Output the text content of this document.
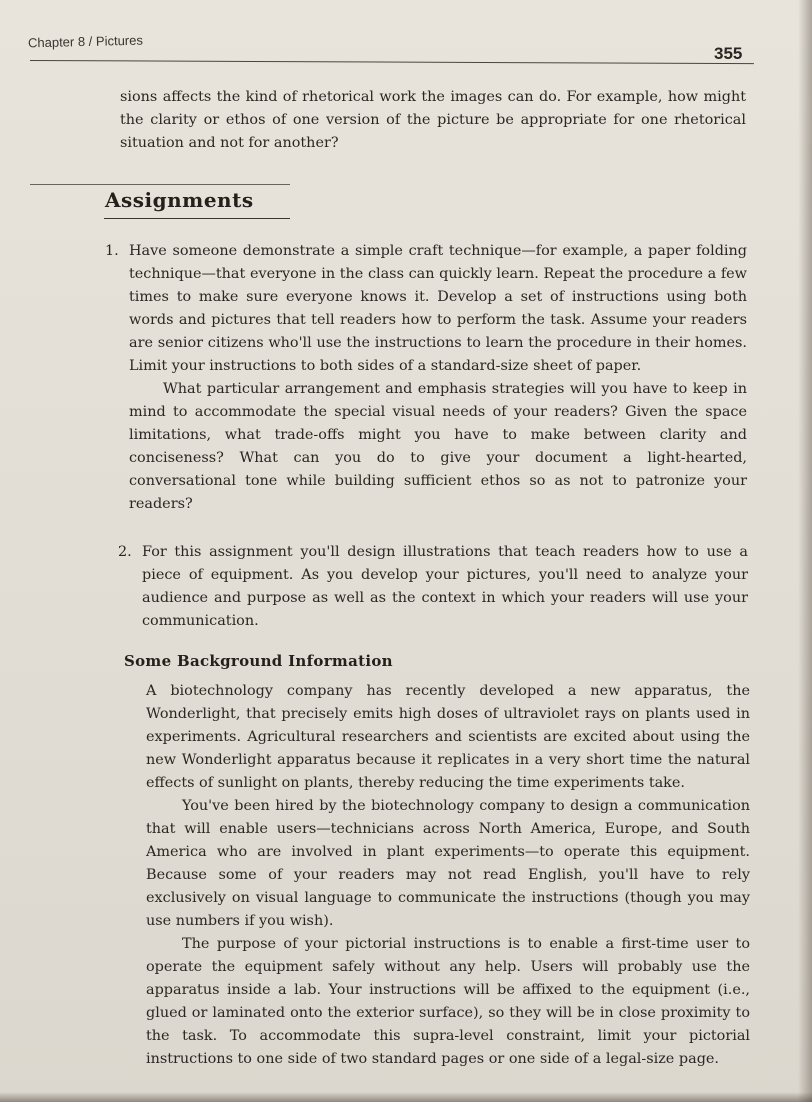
Chapter 8 / Pictures
355
sions affects the kind of rhetorical work the images can do. For example, how might the clarity or ethos of one version of the picture be appropriate for one rhetorical situation and not for another?
Assignments
1. Have someone demonstrate a simple craft technique—for example, a paper folding technique—that everyone in the class can quickly learn. Repeat the procedure a few times to make sure everyone knows it. Develop a set of instructions using both words and pictures that tell readers how to perform the task. Assume your readers are senior citizens who'll use the instructions to learn the procedure in their homes. Limit your instructions to both sides of a standard-size sheet of paper.

What particular arrangement and emphasis strategies will you have to keep in mind to accommodate the special visual needs of your readers? Given the space limitations, what trade-offs might you have to make between clarity and conciseness? What can you do to give your document a light-hearted, conversational tone while building sufficient ethos so as not to patronize your readers?

2. For this assignment you'll design illustrations that teach readers how to use a piece of equipment. As you develop your pictures, you'll need to analyze your audience and purpose as well as the context in which your readers will use your communication.

Some Background Information

A biotechnology company has recently developed a new apparatus, the Wonderlight, that precisely emits high doses of ultraviolet rays on plants used in experiments. Agricultural researchers and scientists are excited about using the new Wonderlight apparatus because it replicates in a very short time the natural effects of sunlight on plants, thereby reducing the time experiments take.

You've been hired by the biotechnology company to design a communication that will enable users—technicians across North America, Europe, and South America who are involved in plant experiments—to operate this equipment. Because some of your readers may not read English, you'll have to rely exclusively on visual language to communicate the instructions (though you may use numbers if you wish).

The purpose of your pictorial instructions is to enable a first-time user to operate the equipment safely without any help. Users will probably use the apparatus inside a lab. Your instructions will be affixed to the equipment (i.e., glued or laminated onto the exterior surface), so they will be in close proximity to the task. To accommodate this supra-level constraint, limit your pictorial instructions to one side of two standard pages or one side of a legal-size page.
